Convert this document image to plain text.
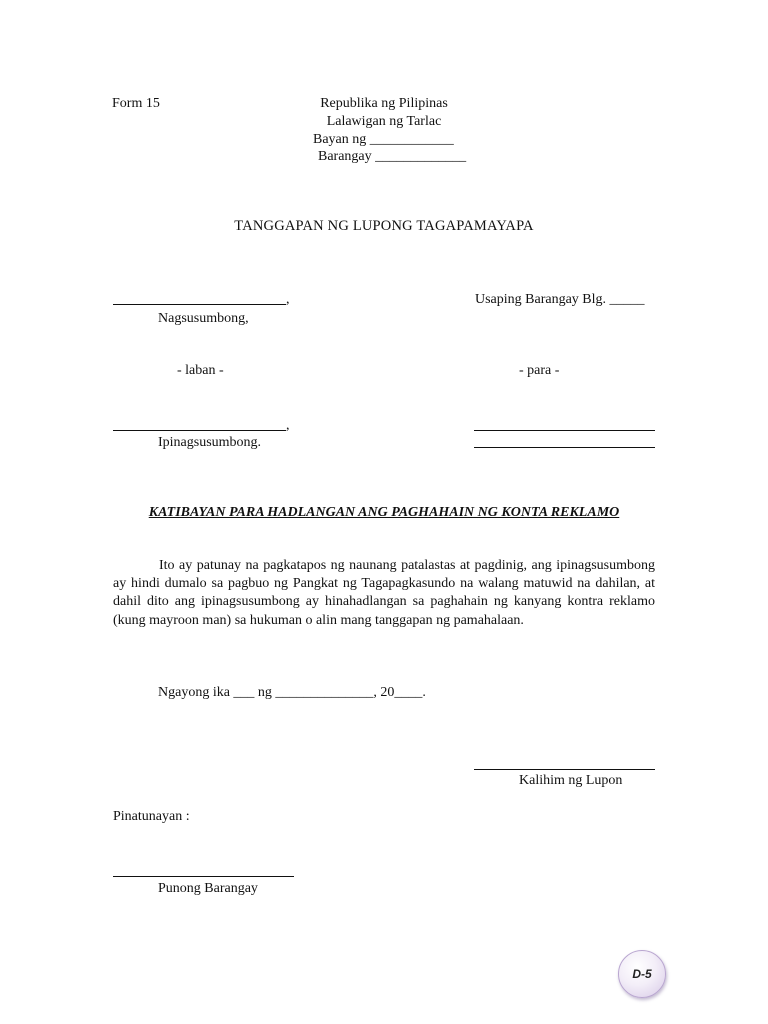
Form 15	Republika ng Pilipinas
Lalawigan ng Tarlac
Bayan ng ____________
Barangay _____________
TANGGAPAN NG LUPONG TAGAPAMAYAPA
,
Nagsusumbong,
Usaping Barangay Blg. _____
- laban -	- para -
,
Ipinagsusumbong.
KATIBAYAN PARA HADLANGAN ANG PAGHAHAIN NG KONTA REKLAMO
Ito ay patunay na pagkatapos ng naunang patalastas at pagdinig, ang ipinagsusumbong ay hindi dumalo sa pagbuo ng Pangkat ng Tagapagkasundo na walang matuwid na dahilan, at dahil dito ang ipinagsusumbong ay hinahadlangan sa paghahain ng kanyang kontra reklamo (kung mayroon man) sa hukuman o alin mang tanggapan ng pamahalaan.
Ngayong ika ___ ng ______________, 20____.
Kalihim ng Lupon
Pinatunayan :
Punong Barangay
D-5
